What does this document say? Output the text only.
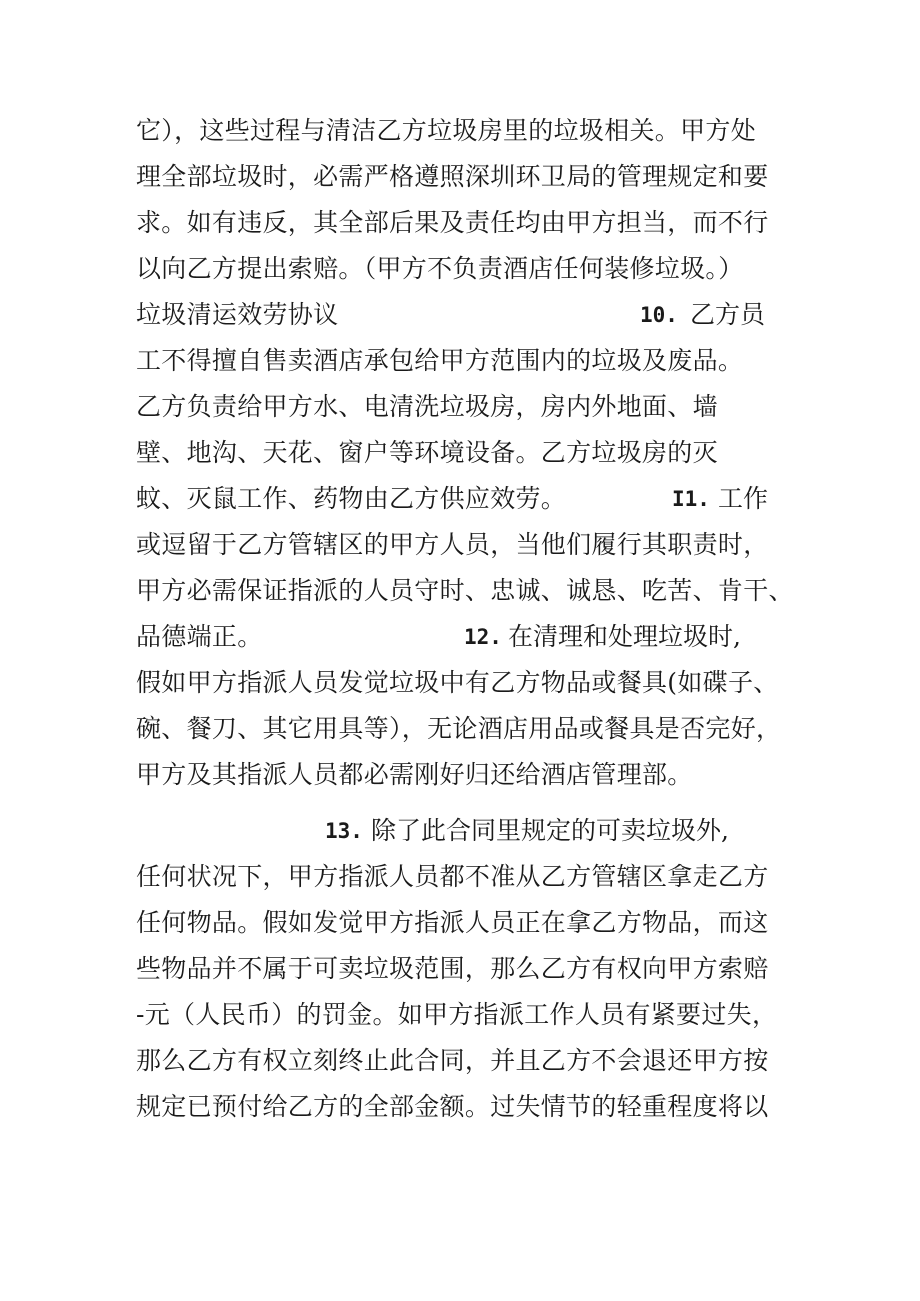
它），这些过程与清洁乙方垃圾房里的垃圾相关。甲方处
理全部垃圾时，必需严格遵照深圳环卫局的管理规定和要
求。如有违反，其全部后果及责任均由甲方担当，而不行
以向乙方提出索赔。（甲方不负责酒店任何装修垃圾。）
垃圾清运效劳协议	10. 乙方员
工不得擅自售卖酒店承包给甲方范围内的垃圾及废品。
乙方负责给甲方水、电清洗垃圾房，房内外地面、墙
壁、地沟、天花、窗户等环境设备。乙方垃圾房的灭
蚊、灭鼠工作、药物由乙方供应效劳。	I1. 工作
或逗留于乙方管辖区的甲方人员，当他们履行其职责时，
甲方必需保证指派的人员守时、忠诚、诚恳、吃苦、肯干、
品德端正。	12. 在清理和处理垃圾时,
假如甲方指派人员发觉垃圾中有乙方物品或餐具(如碟子、
碗、餐刀、其它用具等），无论酒店用品或餐具是否完好，
甲方及其指派人员都必需刚好归还给酒店管理部。
13. 除了此合同里规定的可卖垃圾外,
任何状况下，甲方指派人员都不准从乙方管辖区拿走乙方
任何物品。假如发觉甲方指派人员正在拿乙方物品，而这
些物品并不属于可卖垃圾范围，那么乙方有权向甲方索赔
-元（人民币）的罚金。如甲方指派工作人员有紧要过失，
那么乙方有权立刻终止此合同，并且乙方不会退还甲方按
规定已预付给乙方的全部金额。过失情节的轻重程度将以
